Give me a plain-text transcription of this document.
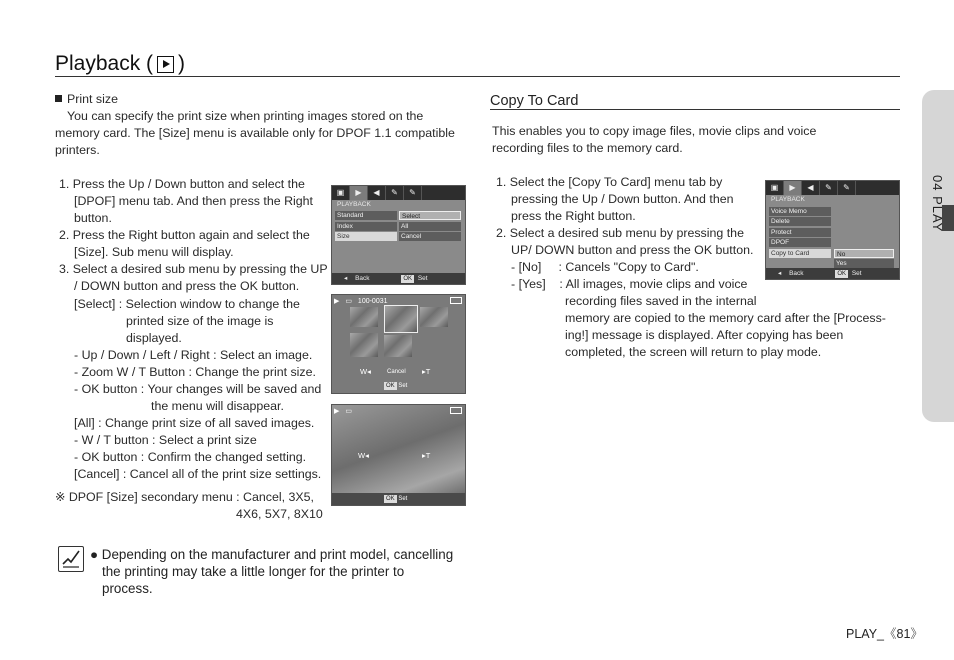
Playback ( )
Print size
You can specify the print size when printing images stored on the
memory card. The [Size] menu is available only for DPOF 1.1 compatible
printers.
1. Press the Up / Down button and select the
[DPOF] menu tab. And then press the Right
button.
2. Press the Right button again and select the
[Size]. Sub menu will display.
3. Select a desired sub menu by pressing the UP
/ DOWN button and press the OK button.
[Select] : Selection window to change the
printed size of the image is
displayed.
- Up / Down / Left / Right : Select an image.
- Zoom W / T Button : Change the print size.
- OK button : Your changes will be saved and
the menu will disappear.
[All] : Change print size of all saved images.
- W / T button : Select a print size
- OK button : Confirm the changed setting.
[Cancel] : Cancel all of the print size settings.
※ DPOF [Size] secondary menu : Cancel, 3X5,
4X6, 5X7, 8X10
▣	▶	◀	✎	✎
PLAYBACK
Standard
Index
Size
Select
All
Cancel
◂ Back	OK Set
▶ ▭ 100-0031
W◂	Cancel ▸T
OK Set
▶ ▭
W◂	▸T
OK Set
Copy To Card
This enables you to copy image files, movie clips and voice
recording files to the memory card.
1. Select the [Copy To Card] menu tab by
pressing the Up / Down button. And then
press the Right button.
2. Select a desired sub menu by pressing the
UP/ DOWN button and press the OK button.
- [No]     : Cancels "Copy to Card".
- [Yes]    : All images, movie clips and voice
recording files saved in the internal
memory are copied to the memory card after the [Process-
ing!] message is displayed. After copying has been
completed, the screen will return to play mode.
▣	▶	◀	✎	✎
PLAYBACK
Voice Memo
Delete
Protect
DPOF
Copy to Card	No
Yes
◂ Back	OK Set
● Depending on the manufacturer and print model, cancelling
the printing may take a little longer for the printer to
process.
04 PLAY
PLAY_《81》
